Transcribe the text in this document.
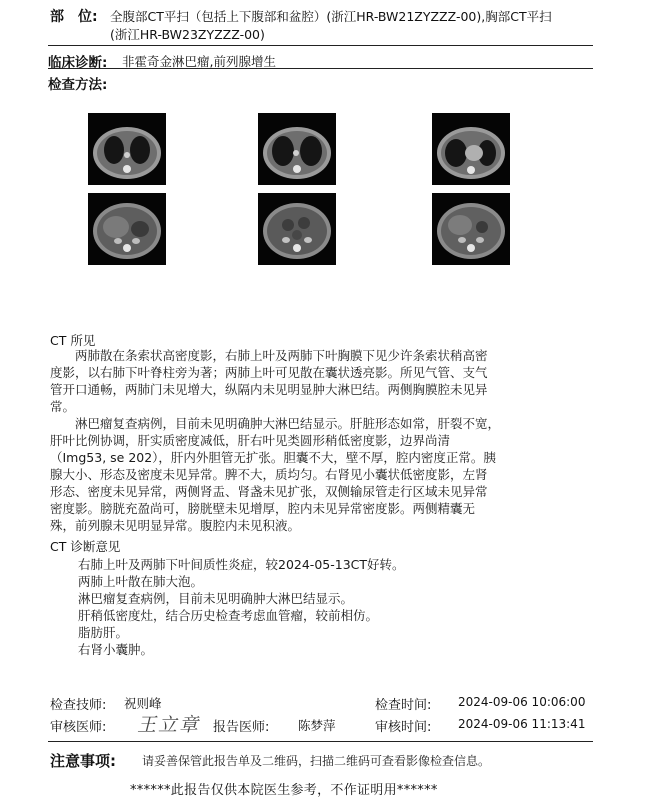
部　位: 全腹部CT平扫（包括上下腹部和盆腔）(浙江HR-BW21ZYZZZ-00),胸部CT平扫
(浙江HR-BW23ZYZZZ-00)
临床诊断: 非霍奇金淋巴瘤,前列腺增生
检查方法:
CT 所见
　　两肺散在条索状高密度影，右肺上叶及两肺下叶胸膜下见少许条索状稍高密
度影，以右肺下叶脊柱旁为著；两肺上叶可见散在囊状透亮影。所见气管、支气
管开口通畅，两肺门未见增大，纵隔内未见明显肿大淋巴结。两侧胸膜腔未见异
常。
　　淋巴瘤复查病例，目前未见明确肿大淋巴结显示。肝脏形态如常，肝裂不宽，
肝叶比例协调，肝实质密度减低，肝右叶见类圆形稍低密度影，边界尚清
（Img53, se 202），肝内外胆管无扩张。胆囊不大，壁不厚，腔内密度正常。胰
腺大小、形态及密度未见异常。脾不大，质均匀。右肾见小囊状低密度影，左肾
形态、密度未见异常，两侧肾盂、肾盏未见扩张，双侧输尿管走行区域未见异常
密度影。膀胱充盈尚可，膀胱壁未见增厚，腔内未见异常密度影。两侧精囊无
殊，前列腺未见明显异常。腹腔内未见积液。
CT 诊断意见
右肺上叶及两肺下叶间质性炎症，较2024-05-13CT好转。
两肺上叶散在肺大泡。
淋巴瘤复查病例，目前未见明确肿大淋巴结显示。
肝稍低密度灶，结合历史检查考虑血管瘤，较前相仿。
脂肪肝。
右肾小囊肿。
检查技师: 祝则峰	检查时间: 2024-09-06 10:06:00
审核医师: 王立章 报告医师: 陈梦萍	审核时间: 2024-09-06 11:13:41
注意事项: 请妥善保管此报告单及二维码，扫描二维码可查看影像检查信息。
******此报告仅供本院医生参考，不作证明用******
